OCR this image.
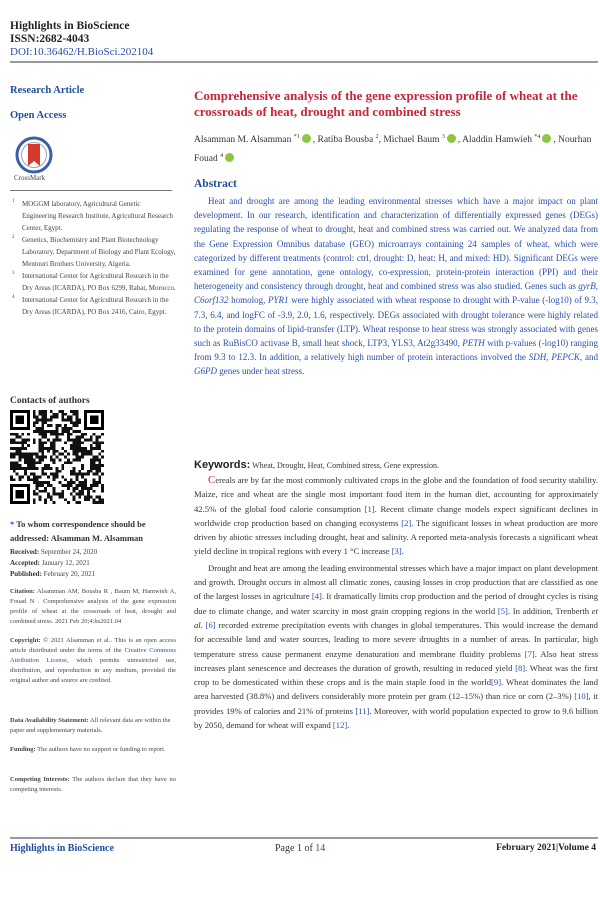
Highlights in BioScience
ISSN:2682-4043
DOI:10.36462/H.BioSci.202104
Research Article
Open Access
CrossMark
1 MOGGM laboratory, Agricultural Genetic Engineering Research Institute, Agricultural Research Center, Egypt.
2 Genetics, Biochemistry and Plant Biotechnology Laboratory, Department of Biology and Plant Ecology, Mentouri Brothers University, Algeria.
3 International Center for Agricultural Research in the Dry Areas (ICARDA), PO Box 6299, Rabat, Morocco.
4 International Center for Agricultural Research in the Dry Areas (ICARDA), PO Box 2416, Cairo, Egypt.
Contacts of authors
* To whom correspondence should be addressed: Alsamman M. Alsamman
Received: September 24, 2020
Accepted: January 12, 2021
Published: February 20, 2021
Citation: Alsamman AM, Bousba R , Baum M, Hamwieh A, Fouad N . Comprehensive analysis of the gene expression profile of wheat at the crossroads of heat, drought and combined stress. 2021 Feb 20;4:hs2021.04
Copyright: © 2021 Alsamman et al.. This is an open access article distributed under the terms of the Creative Commons Attribution License, which permits unrestricted use, distribution, and reproduction in any medium, provided the original author and source are credited.
Data Availability Statement: All relevant data are within the paper and supplementary materials.
Funding: The authors have no support or funding to report.
Competing Interests: The authors declare that they have no competing interests.
Comprehensive analysis of the gene expression profile of wheat at the crossroads of heat, drought and combined stress
Alsamman M. Alsamman $^{*1}$ , Ratiba Bousba $^2$, Michael Baum $^3$ , Aladdin Hamwieh $^{*4}$ , Nourhan Fouad $^4$
Abstract
Heat and drought are among the leading environmental stresses which have a major impact on plant development. In our research, identification and characterization of differentially expressed genes (DEGs) regulating the response of wheat to drought, heat and combined stress was carried out. We analyzed data from the Gene Expression Omnibus database (GEO) microarrays containing 24 samples of wheat, which were categorized by different treatments (control: ctrl, drought: D, heat: H, and mixed: HD). Significant DEGs were examined for gene annotation, gene ontology, co-expression, protein-protein interaction (PPI) and their heterogeneity and consistency through drought, heat and combined stress was also studied. Genes such as gyrB, C6orf132 homolog, PYR1 were highly associated with wheat response to drought with P-value (-log10) of 9.3, 7.3, 6.4, and logFC of -3.9, 2.0, 1.6, respectively. DEGs associated with drought tolerance were highly related to the protein domains of lipid-transfer (LTP). Wheat response to heat stress was strongly associated with genes such as RuBisCO activase B, small heat shock, LTP3, YLS3, At2g33490, PETH with p-values (-log10) ranging from 9.3 to 12.3. In addition, a relatively high number of protein interactions involved the SDH, PEPCK, and G6PD genes under heat stress.
Keywords: Wheat, Drought, Heat, Combined stress, Gene expression.

Cereals are by far the most commonly cultivated crops in the globe and the foundation of food security stability. Maize, rice and wheat are the single most important food item in the human diet, accounting for approximately 42.5% of the global food calorie consumption [1]. Recent climate change models expect significant declines in worldwide crop production based on changing ecosystems [2]. The significant losses in wheat production are more driven by abiotic stresses including drought, heat and salinity. A reported meta-analysis forecasts a significant wheat yield decline in tropical regions with every 1 °C increase [3].

Drought and heat are among the leading environmental stresses which have a major impact on plant development and growth. Drought occurs in almost all climatic zones, causing losses in crop production that are classified as one of the largest losses in agriculture [4]. It dramatically limits crop production and the period of drought cycles is rising due to climate change, and water scarcity in most grain cropping regions in the world [5]. In addition, Trenberth et al. [6] recorded extreme precipitation events with changes in global temperatures. This would increase the demand for accessible land and water sources, leading to more severe droughts in a number of areas. In particular, high temperature stress cause permanent enzyme denaturation and membrane fluidity problems [7]. Also heat stress increases plant senescence and decreases the duration of growth, resulting in reduced yield [8]. Wheat was the first crop to be domesticated within these crops and is the main staple food in the world[9]. Wheat dominates the land area harvested (38.8%) and delivers considerably more protein per gram (12–15%) than rice or corn (2–3%) [10], it provides 19% of calories and 21% of proteins [11]. Moreover, with world population expected to grow to 9.6 billion by 2050, demand for wheat will expand [12].

Highlights in BioScience	Page 1 of 14	February 2021|Volume 4
